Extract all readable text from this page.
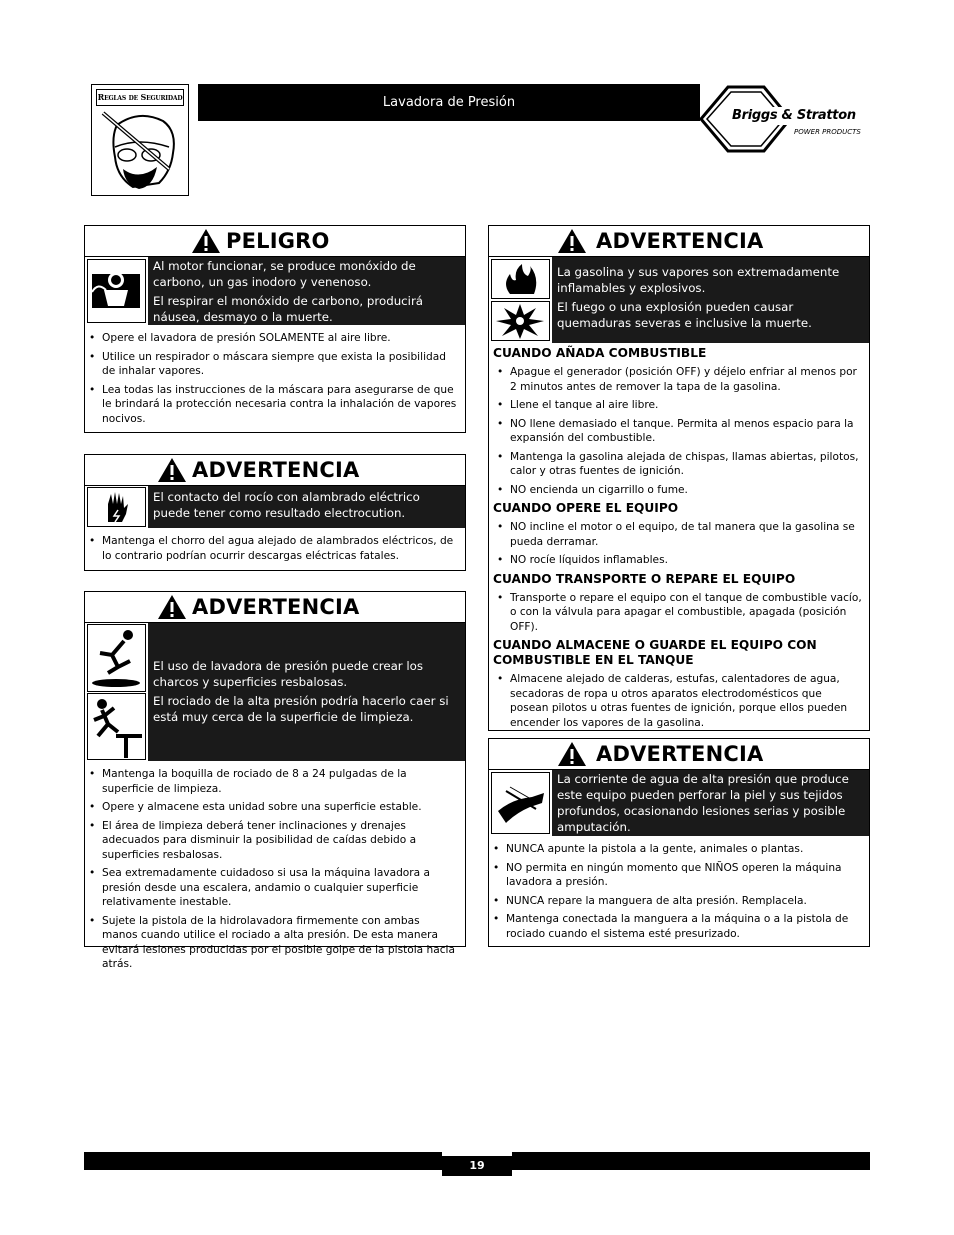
Reglas de Seguridad	Lavadora de Presión
Briggs & Stratton
POWER PRODUCTS
PELIGRO

Al motor funcionar, se produce monóxido de carbono, un gas inodoro y venenoso.

El respirar el monóxido de carbono, producirá náusea, desmayo o la muerte.

• Opere el lavadora de presión SOLAMENTE al aire libre.
• Utilice un respirador o máscara siempre que exista la posibilidad de inhalar vapores.
• Lea todas las instrucciones de la máscara para asegurarse de que le brindará la protección necesaria contra la inhalación de vapores nocivos.
ADVERTENCIA

El contacto del rocío con alambrado eléctrico puede tener como resultado electrocution.

• Mantenga el chorro del agua alejado de alambrados eléctricos, de lo contrario podrían ocurrir descargas eléctricas fatales.
ADVERTENCIA

El uso de lavadora de presión puede crear los charcos y superficies resbalosas.

El rociado de la alta presión podría hacerlo caer si está muy cerca de la superficie de limpieza.

• Mantenga la boquilla de rociado de 8 a 24 pulgadas de la superficie de limpieza.
• Opere y almacene esta unidad sobre una superficie estable.
• El área de limpieza deberá tener inclinaciones y drenajes adecuados para disminuir la posibilidad de caídas debido a superficies resbalosas.
• Sea extremadamente cuidadoso si usa la máquina lavadora a presión desde una escalera, andamio o cualquier superficie relativamente inestable.
• Sujete la pistola de la hidrolavadora firmemente con ambas manos cuando utilice el rociado a alta presión. De esta manera evitará lesiones producidas por el posible golpe de la pistola hacia atrás.
ADVERTENCIA

La gasolina y sus vapores son extremadamente inflamables y explosivos.

El fuego o una explosión pueden causar quemaduras severas e inclusive la muerte.

CUANDO AÑADA COMBUSTIBLE
• Apague el generador (posición OFF) y déjelo enfriar al menos por 2 minutos antes de remover la tapa de la gasolina.
• Llene el tanque al aire libre.
• NO llene demasiado el tanque. Permita al menos espacio para la expansión del combustible.
• Mantenga la gasolina alejada de chispas, llamas abiertas, pilotos, calor y otras fuentes de ignición.
• NO encienda un cigarrillo o fume.
CUANDO OPERE EL EQUIPO
• NO incline el motor o el equipo, de tal manera que la gasolina se pueda derramar.
• NO rocíe líquidos inflamables.
CUANDO TRANSPORTE O REPARE EL EQUIPO
• Transporte o repare el equipo con el tanque de combustible vacío, o con la válvula para apagar el combustible, apagada (posición OFF).
CUANDO ALMACENE O GUARDE EL EQUIPO CON COMBUSTIBLE EN EL TANQUE
• Almacene alejado de calderas, estufas, calentadores de agua, secadoras de ropa u otros aparatos electrodomésticos que posean pilotos u otras fuentes de ignición, porque ellos pueden encender los vapores de la gasolina.
ADVERTENCIA

La corriente de agua de alta presión que produce este equipo pueden perforar la piel y sus tejidos profundos, ocasionando lesiones serias y posible amputación.

• NUNCA apunte la pistola a la gente, animales o plantas.
• NO permita en ningún momento que NIÑOS operen la máquina lavadora a presión.
• NUNCA repare la manguera de alta presión. Remplacela.
• Mantenga conectada la manguera a la máquina o a la pistola de rociado cuando el sistema esté presurizado.
19
